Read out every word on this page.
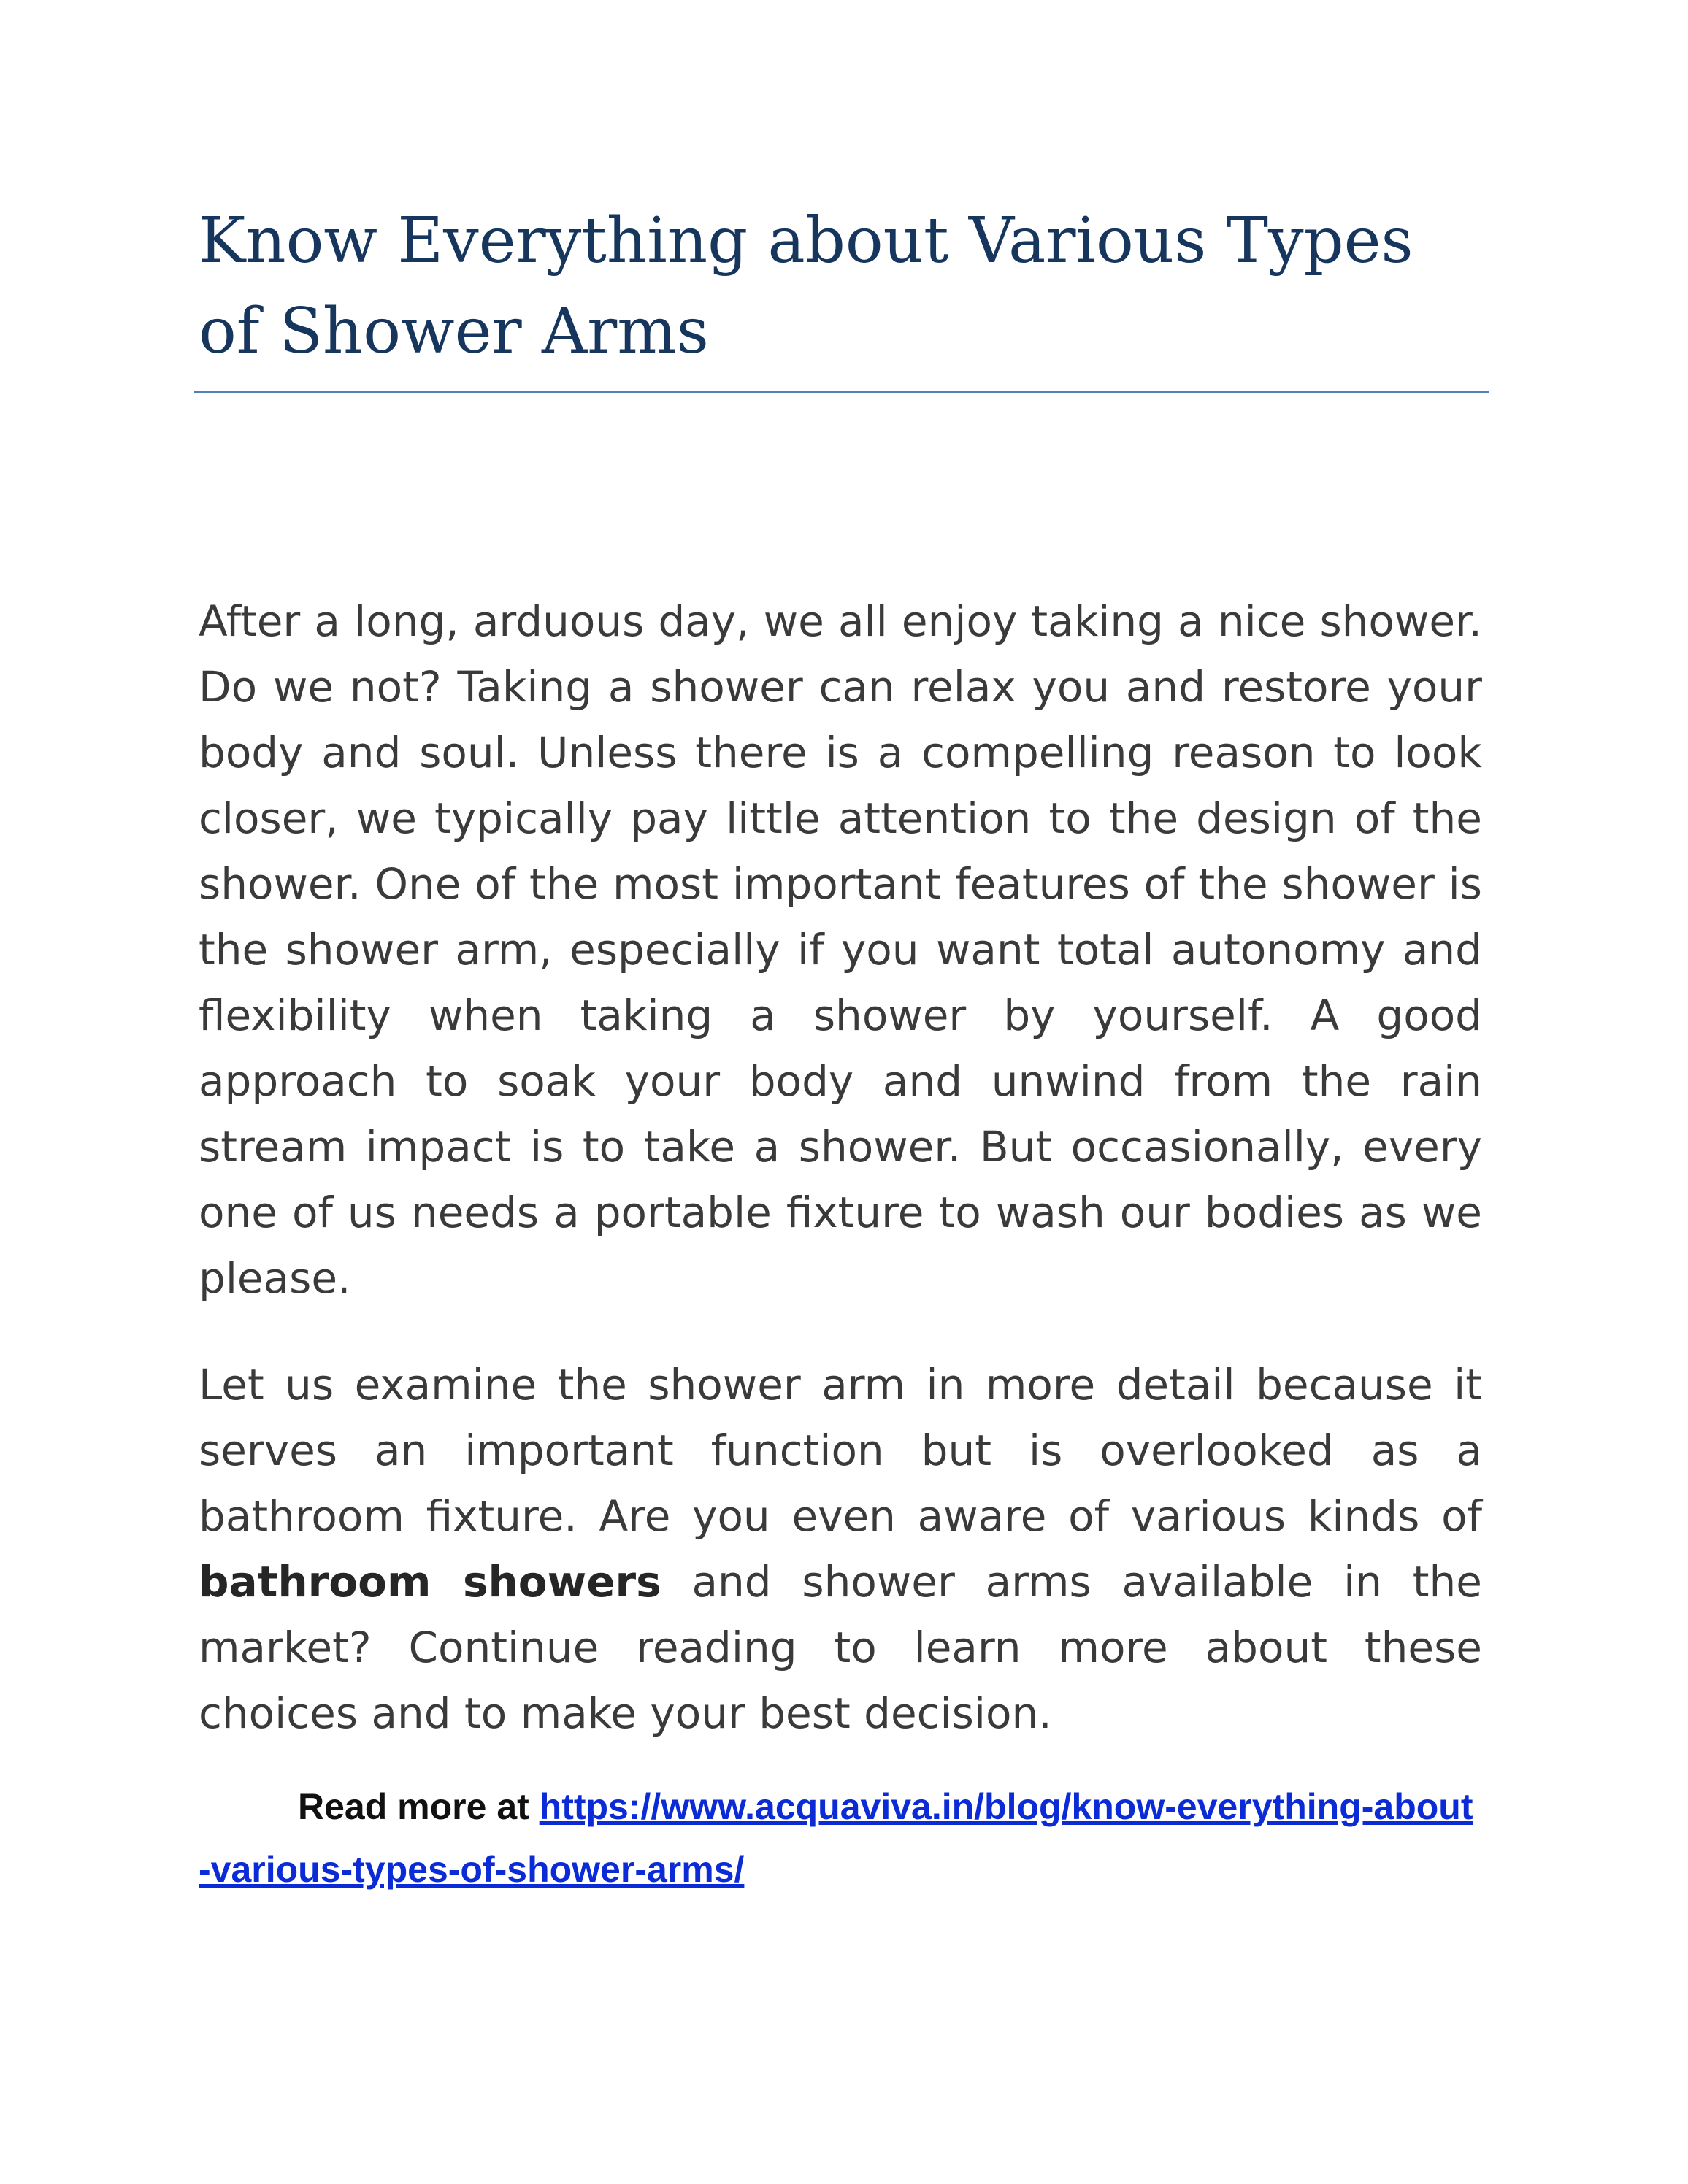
Know Everything about Various Types of Shower Arms

After a long, arduous day, we all enjoy taking a nice shower. Do we not? Taking a shower can relax you and restore your body and soul. Unless there is a compelling reason to look closer, we typically pay little attention to the design of the shower. One of the most important features of the shower is the shower arm, especially if you want total autonomy and flexibility when taking a shower by yourself. A good approach to soak your body and unwind from the rain stream impact is to take a shower. But occasionally, every one of us needs a portable fixture to wash our bodies as we please.

Let us examine the shower arm in more detail because it serves an important function but is overlooked as a bathroom fixture. Are you even aware of various kinds of bathroom showers and shower arms available in the market? Continue reading to learn more about these choices and to make your best decision.

Read more at https://www.acquaviva.in/blog/know-everything-about-various-types-of-shower-arms/
